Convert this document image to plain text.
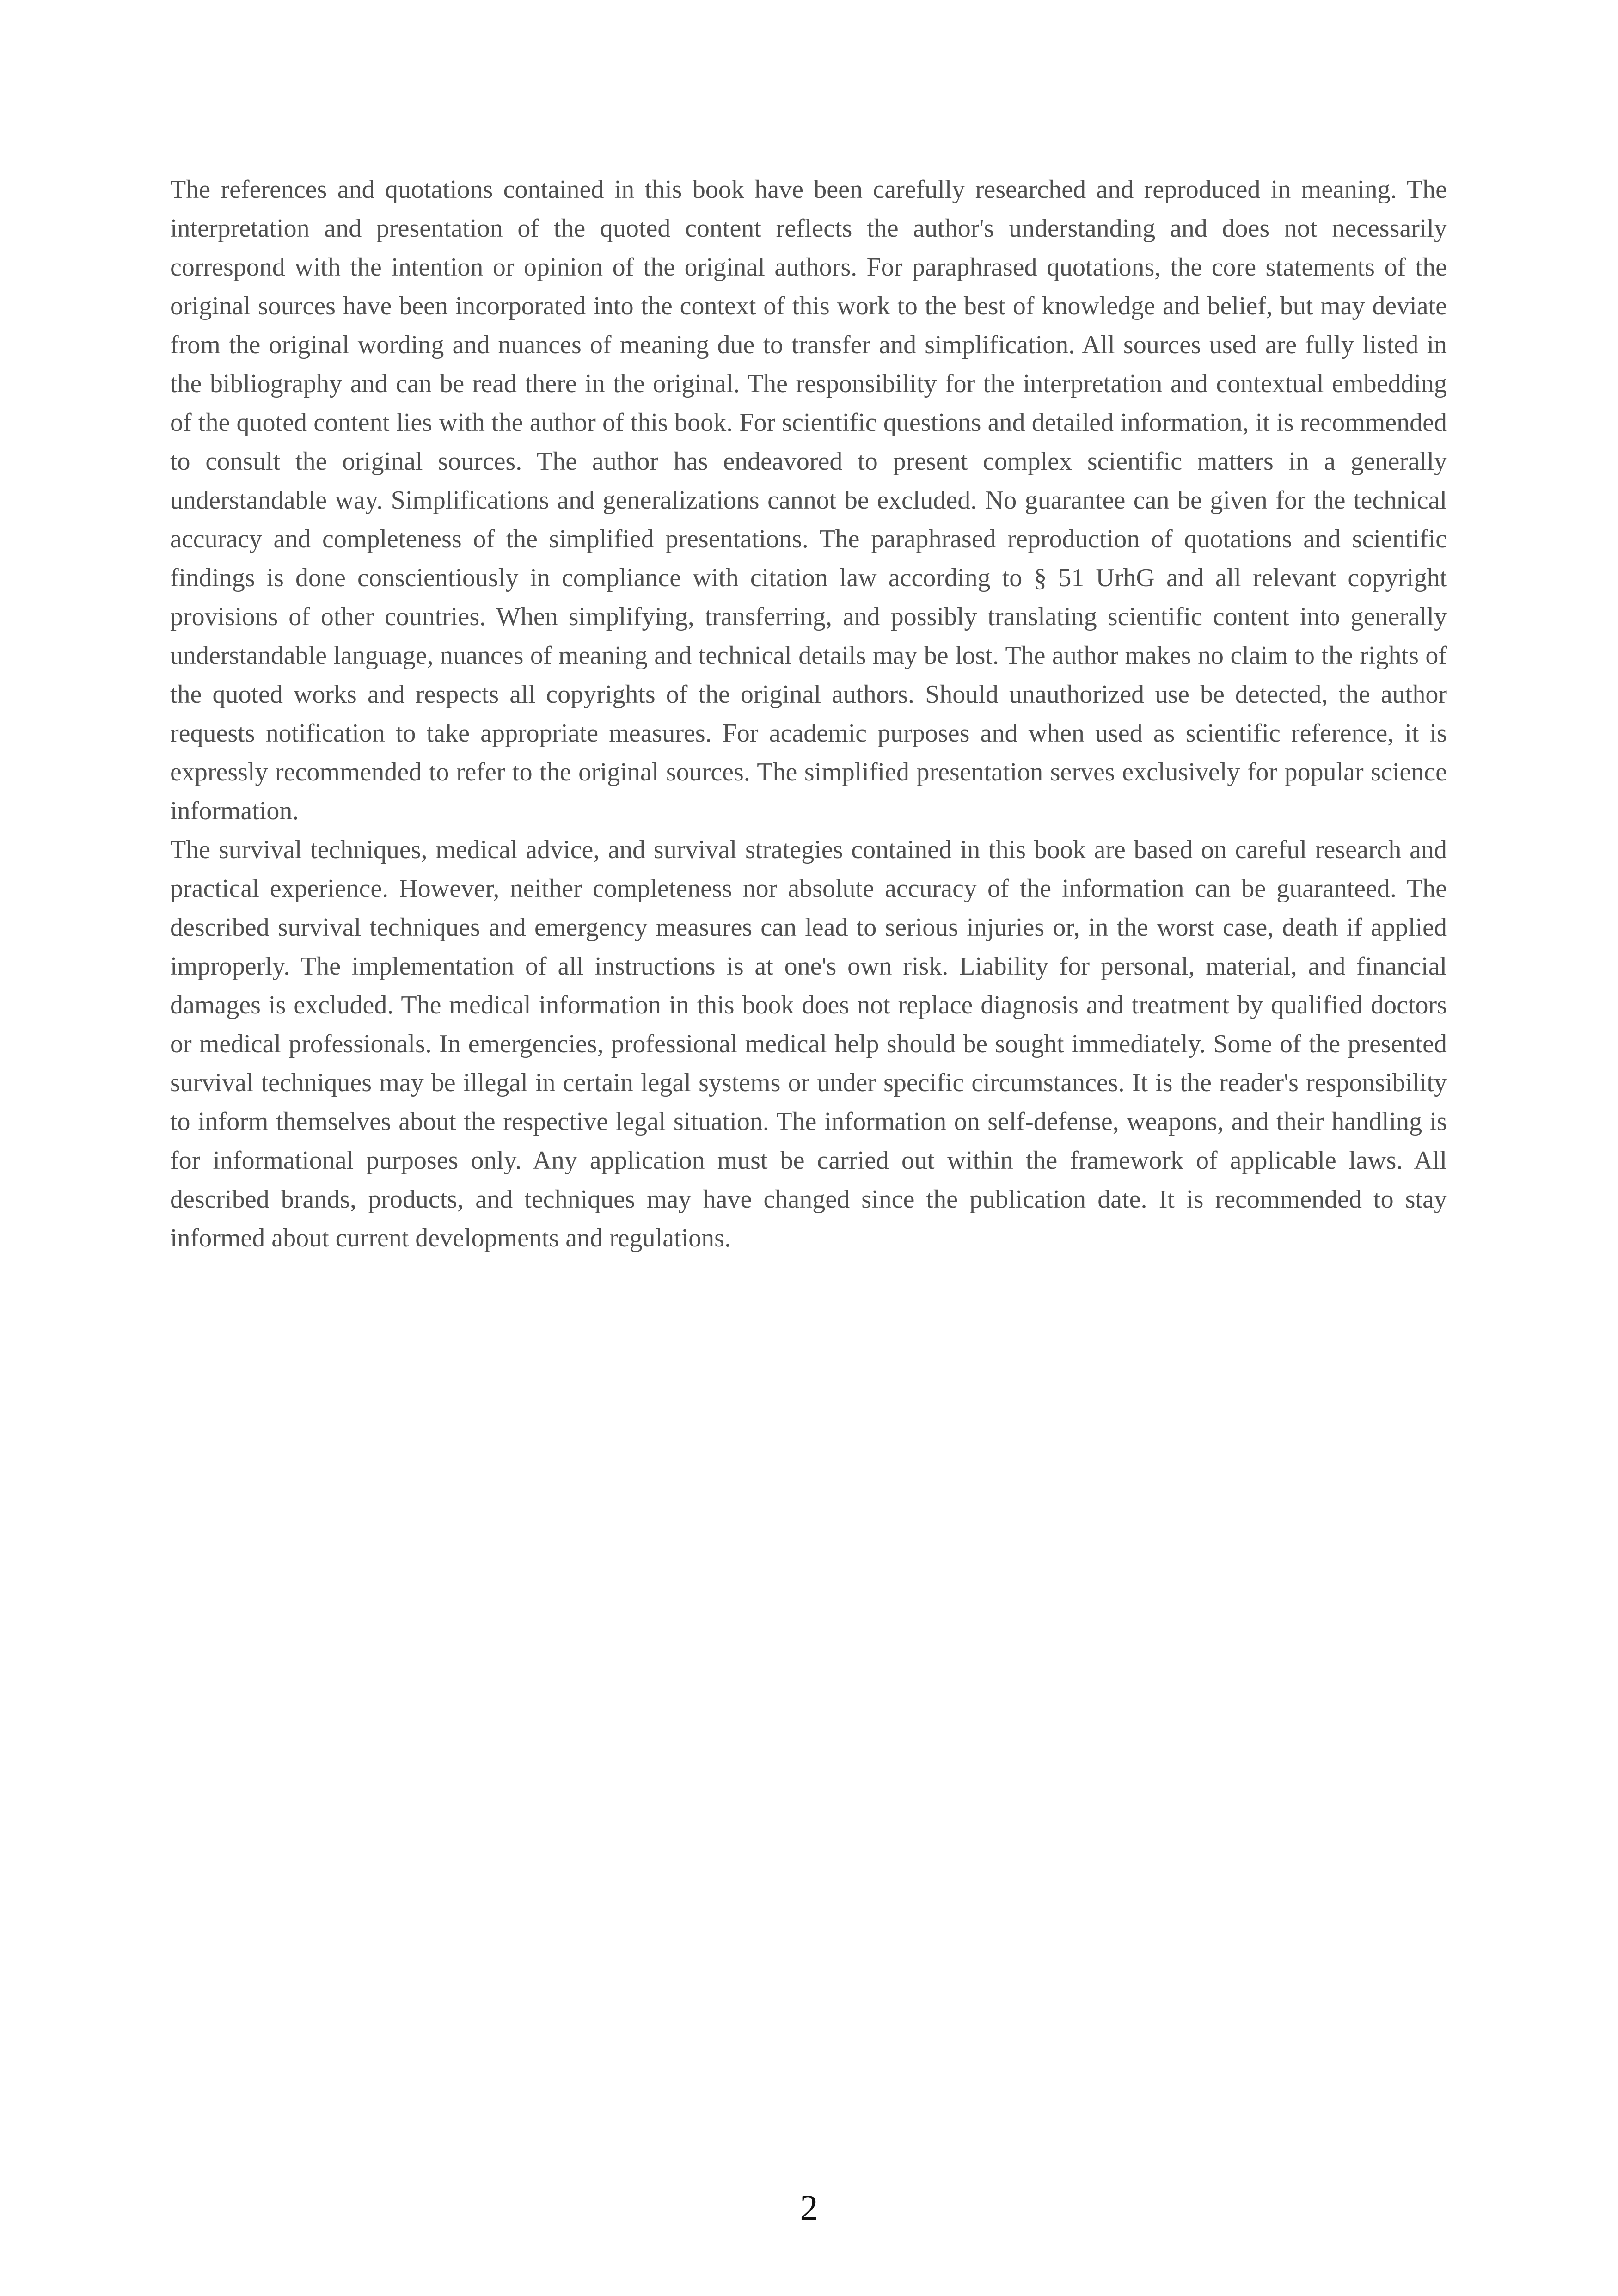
The references and quotations contained in this book have been carefully researched and reproduced in meaning. The interpretation and presentation of the quoted content reflects the author's understanding and does not necessarily correspond with the intention or opinion of the original authors. For paraphrased quotations, the core statements of the original sources have been incorporated into the context of this work to the best of knowledge and belief, but may deviate from the original wording and nuances of meaning due to transfer and simplification. All sources used are fully listed in the bibliography and can be read there in the original. The responsibility for the interpretation and contextual embedding of the quoted content lies with the author of this book. For scientific questions and detailed information, it is recommended to consult the original sources. The author has endeavored to present complex scientific matters in a generally understandable way. Simplifications and generalizations cannot be excluded. No guarantee can be given for the technical accuracy and completeness of the simplified presentations. The paraphrased reproduction of quotations and scientific findings is done conscientiously in compliance with citation law according to § 51 UrhG and all relevant copyright provisions of other countries. When simplifying, transferring, and possibly translating scientific content into generally understandable language, nuances of meaning and technical details may be lost. The author makes no claim to the rights of the quoted works and respects all copyrights of the original authors. Should unauthorized use be detected, the author requests notification to take appropriate measures. For academic purposes and when used as scientific reference, it is expressly recommended to refer to the original sources. The simplified presentation serves exclusively for popular science information.

The survival techniques, medical advice, and survival strategies contained in this book are based on careful research and practical experience. However, neither completeness nor absolute accuracy of the information can be guaranteed. The described survival techniques and emergency measures can lead to serious injuries or, in the worst case, death if applied improperly. The implementation of all instructions is at one's own risk. Liability for personal, material, and financial damages is excluded. The medical information in this book does not replace diagnosis and treatment by qualified doctors or medical professionals. In emergencies, professional medical help should be sought immediately. Some of the presented survival techniques may be illegal in certain legal systems or under specific circumstances. It is the reader's responsibility to inform themselves about the respective legal situation. The information on self-defense, weapons, and their handling is for informational purposes only. Any application must be carried out within the framework of applicable laws. All described brands, products, and techniques may have changed since the publication date. It is recommended to stay informed about current developments and regulations.

2
